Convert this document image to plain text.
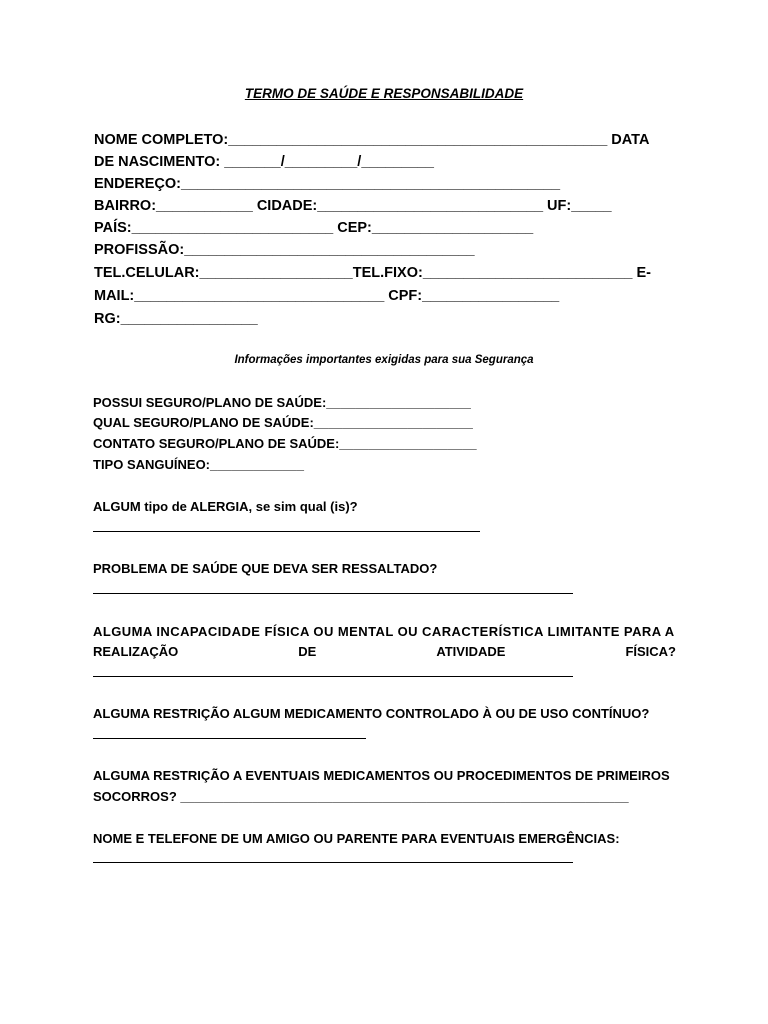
TERMO DE SAÚDE E RESPONSABILIDADE
NOME COMPLETO:_______________________________________________ DATA
DE NASCIMENTO: _______/_________/_________
ENDEREÇO:_______________________________________________
BAIRRO:____________ CIDADE:____________________________ UF:_____
PAÍS:_________________________ CEP:____________________
PROFISSÃO:____________________________________
TEL.CELULAR:___________________TEL.FIXO:__________________________ E-
MAIL:_______________________________ CPF:_________________
RG:_________________
Informações importantes exigidas para sua Segurança
POSSUI SEGURO/PLANO DE SAÚDE:____________________
QUAL SEGURO/PLANO DE SAÚDE:______________________
CONTATO SEGURO/PLANO DE SAÚDE:___________________
TIPO SANGUÍNEO:_____________
ALGUM tipo de ALERGIA, se sim qual (is)?
PROBLEMA DE SAÚDE QUE DEVA SER RESSALTADO?
ALGUMA INCAPACIDADE FÍSICA OU MENTAL OU CARACTERÍSTICA LIMITANTE PARA A
REALIZAÇÃO	DE	ATIVIDADE	FÍSICA?
ALGUMA RESTRIÇÃO ALGUM MEDICAMENTO CONTROLADO À OU DE USO CONTÍNUO?
ALGUMA RESTRIÇÃO A EVENTUAIS MEDICAMENTOS OU PROCEDIMENTOS DE PRIMEIROS
SOCORROS? ______________________________________________________________
NOME E TELEFONE DE UM AMIGO OU PARENTE PARA EVENTUAIS EMERGÊNCIAS:
